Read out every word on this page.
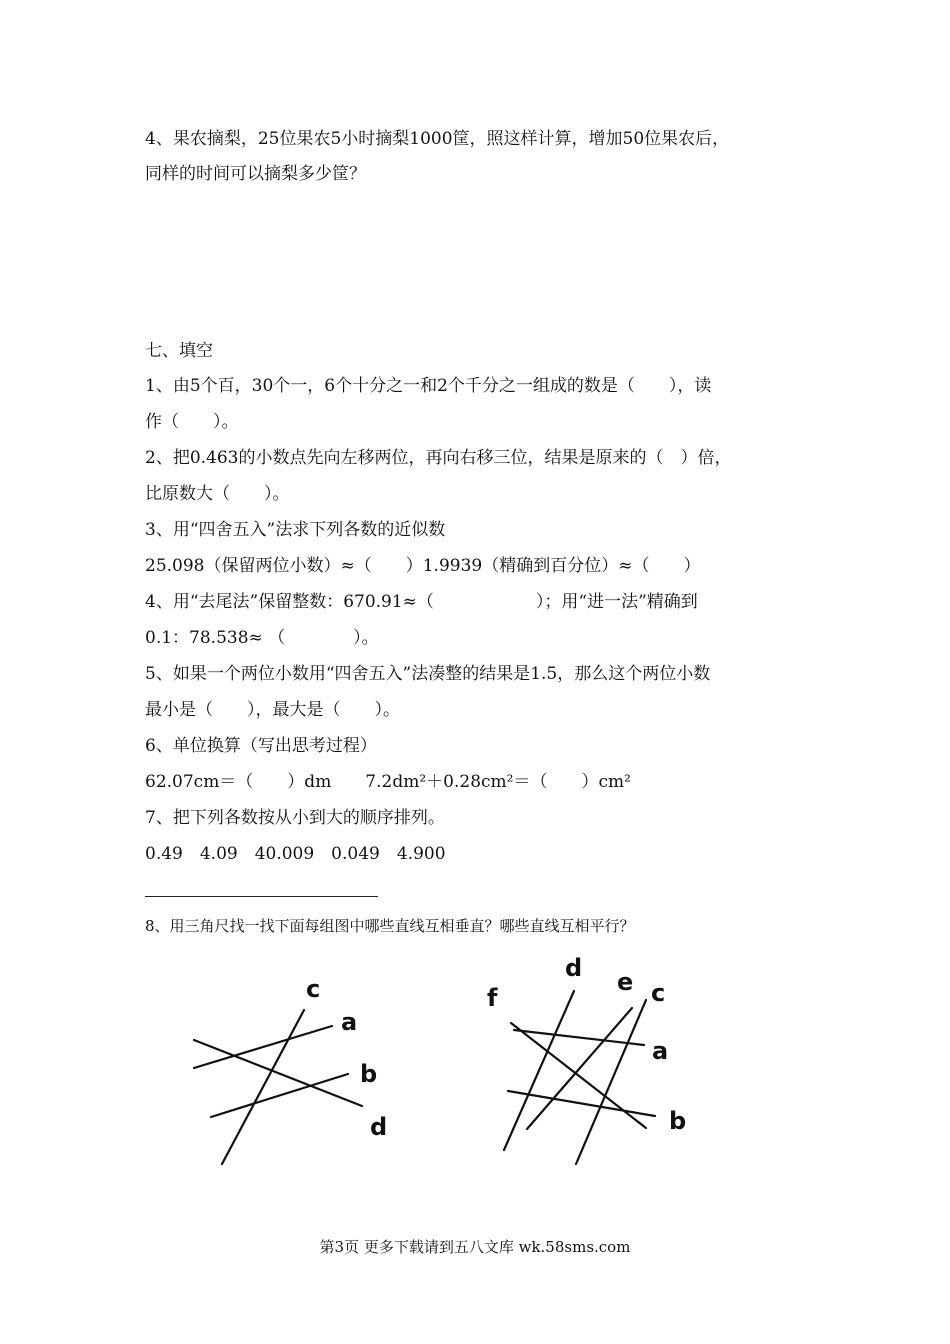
4、果农摘梨，25位果农5小时摘梨1000筐，照这样计算，增加50位果农后，
同样的时间可以摘梨多少筐？
七、填空
1、由5个百，30个一，6个十分之一和2个千分之一组成的数是（　　），读
作（　　）。
2、把0.463的小数点先向左移两位，再向右移三位，结果是原来的（　）倍，
比原数大（　　）。
3、用“四舍五入”法求下列各数的近似数
25.098（保留两位小数）≈（　　）1.9939（精确到百分位）≈（　　）
4、用“去尾法”保留整数：670.91≈（　　　　　　）；用“进一法”精确到
0.1：78.538≈ （　　　　）。
5、如果一个两位小数用“四舍五入”法凑整的结果是1.5，那么这个两位小数
最小是（　　），最大是（　　）。
6、单位换算（写出思考过程）
62.07cm＝（　　）dm　　7.2dm²＋0.28cm²＝（　　）cm²
7、把下列各数按从小到大的顺序排列。
0.49　4.09　40.009　0.049　4.900
8、用三角尺找一找下面每组图中哪些直线互相垂直？哪些直线互相平行？
c
a
b
d
d e c
f
a
b
第3页 更多下载请到五八文库 wk.58sms.com
